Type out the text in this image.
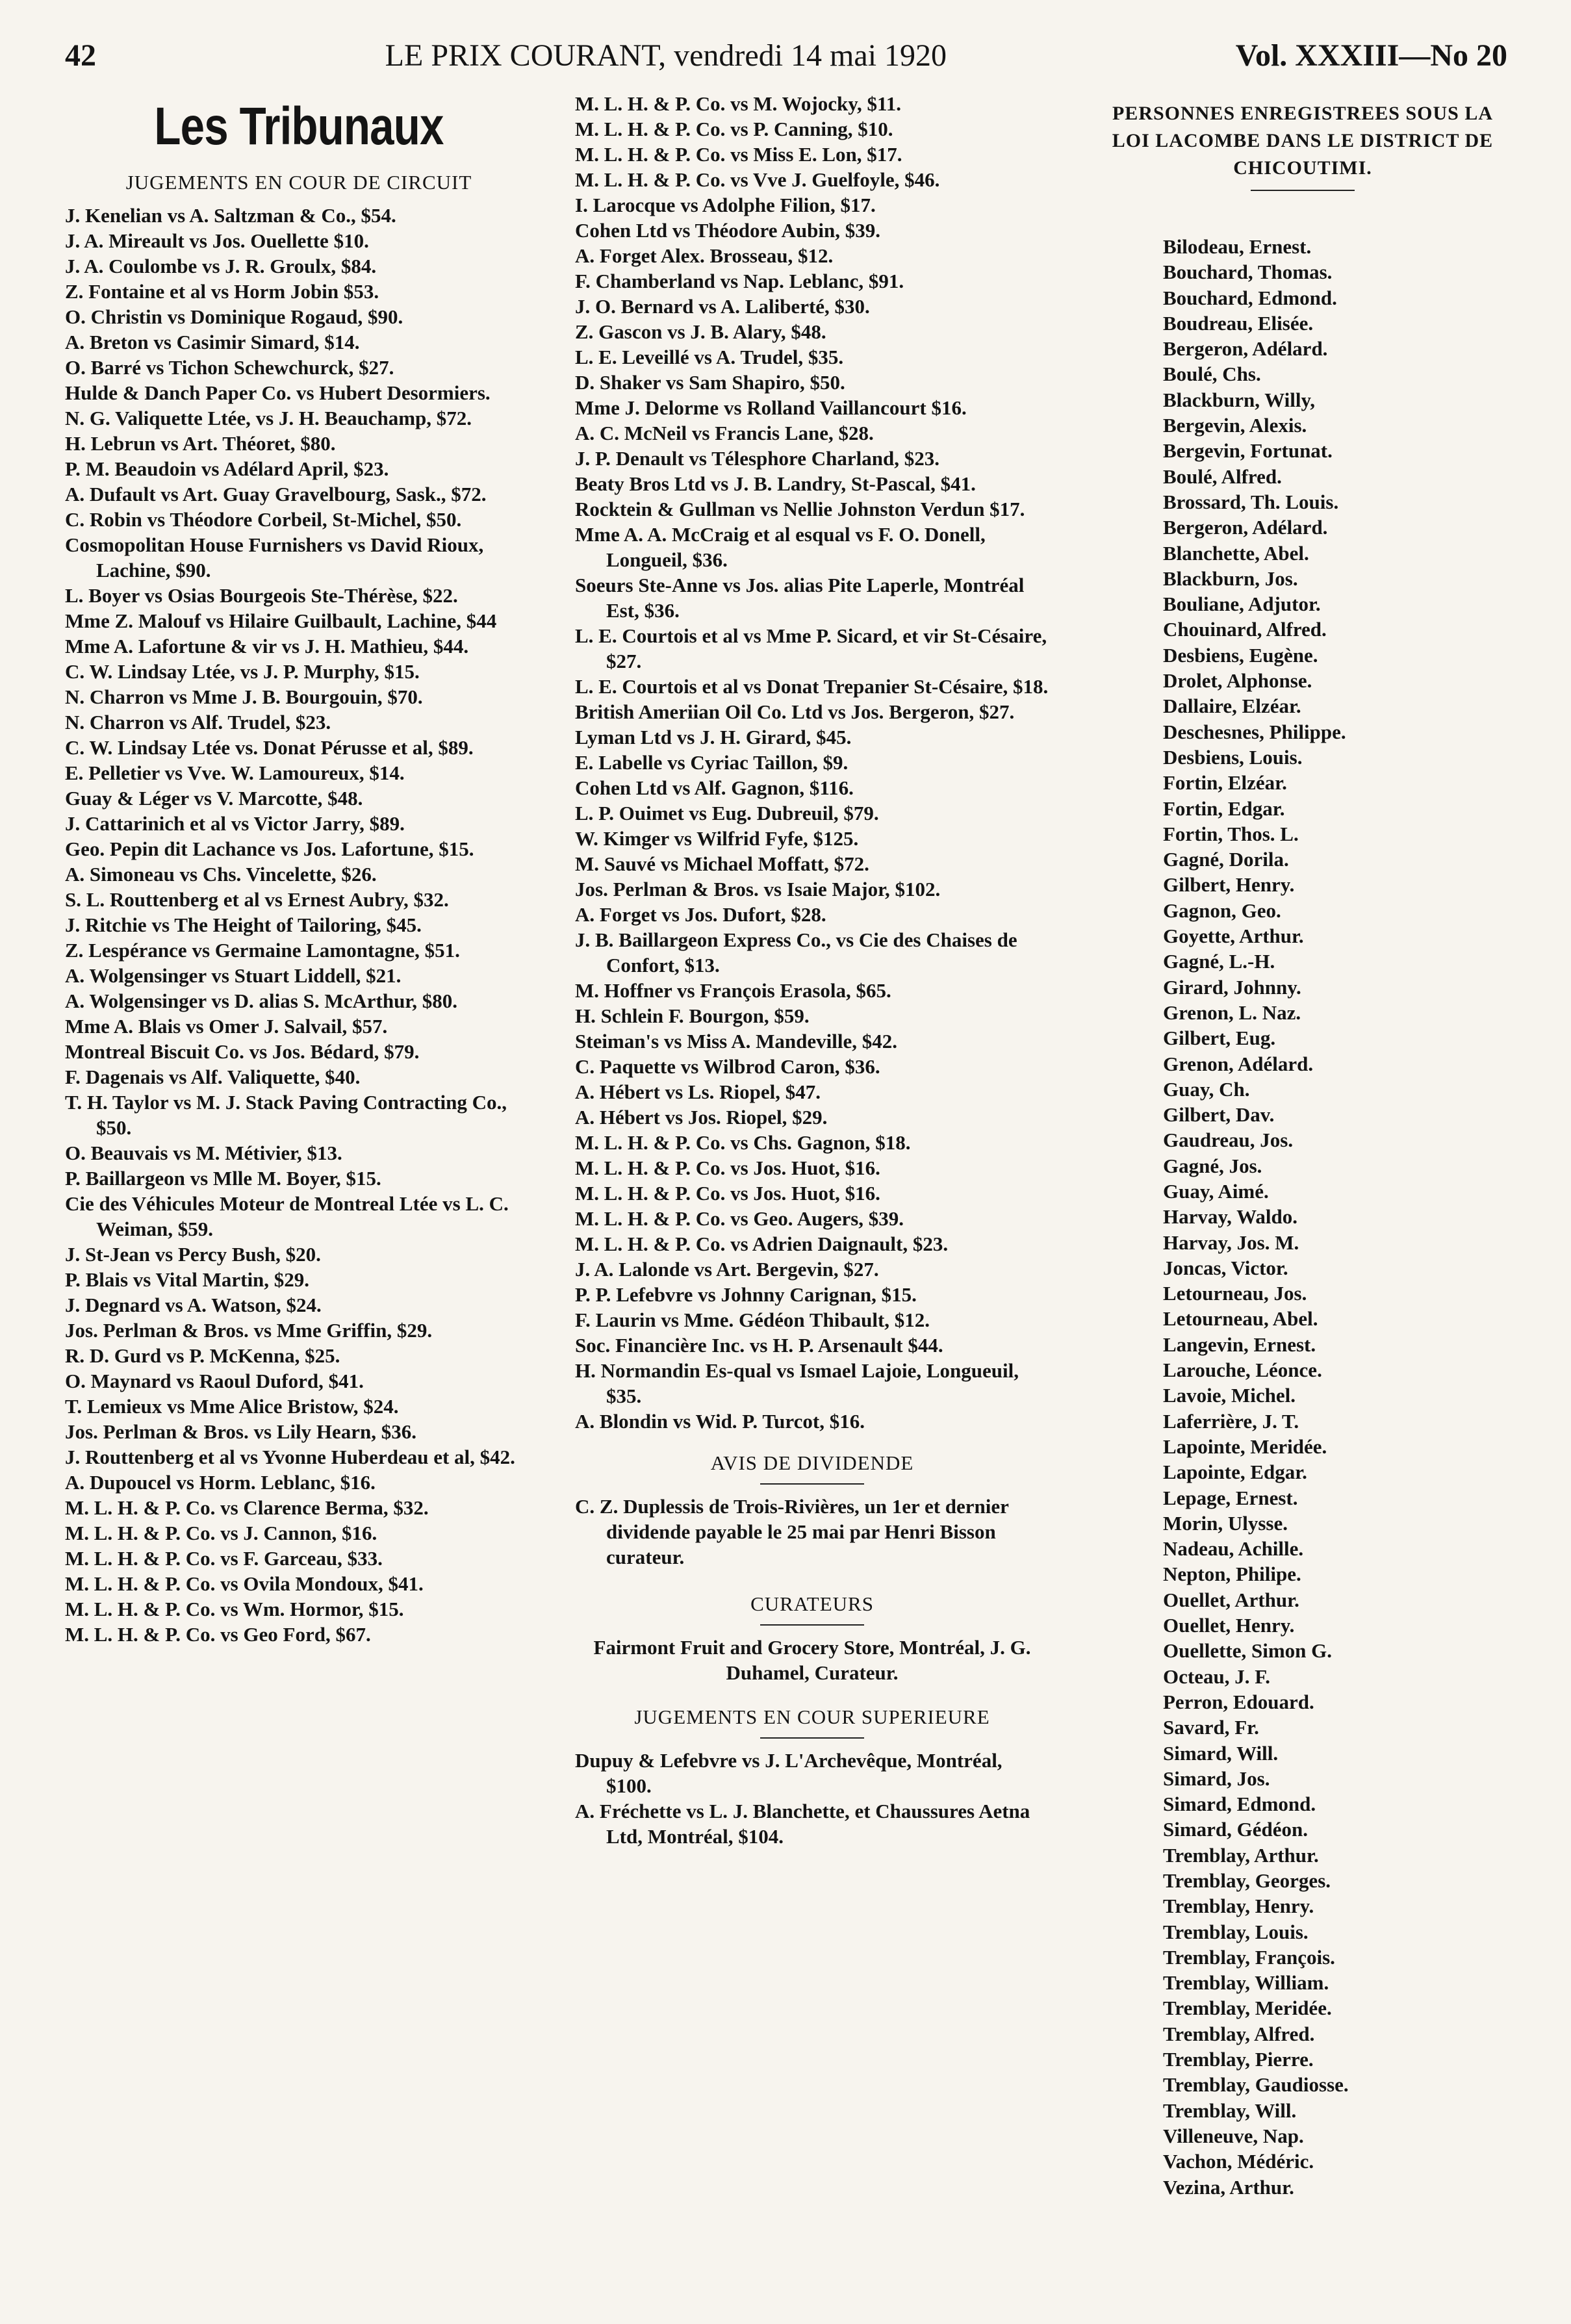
42	LE PRIX COURANT, vendredi 14 mai 1920	Vol. XXXIII—No 20
Les Tribunaux
JUGEMENTS EN COUR DE CIRCUIT

J. Kenelian vs A. Saltzman & Co., $54.

J. A. Mireault vs Jos. Ouellette $10.

J. A. Coulombe vs J. R. Groulx, $84.

Z. Fontaine et al vs Horm Jobin $53.

O. Christin vs Dominique Rogaud, $90.

A. Breton vs Casimir Simard, $14.

O. Barré vs Tichon Schewchurck, $27.

Hulde & Danch Paper Co. vs Hubert Desormiers.

N. G. Valiquette Ltée, vs J. H. Beauchamp, $72.

H. Lebrun vs Art. Théoret, $80.

P. M. Beaudoin vs Adélard April, $23.

A. Dufault vs Art. Guay Gravelbourg, Sask., $72.

C. Robin vs Théodore Corbeil, St-Michel, $50.

Cosmopolitan House Furnishers vs David Rioux, Lachine, $90.

L. Boyer vs Osias Bourgeois Ste-Thérèse, $22.

Mme Z. Malouf vs Hilaire Guilbault, Lachine, $44

Mme A. Lafortune & vir vs J. H. Mathieu, $44.

C. W. Lindsay Ltée, vs J. P. Murphy, $15.

N. Charron vs Mme J. B. Bourgouin, $70.

N. Charron vs Alf. Trudel, $23.

C. W. Lindsay Ltée vs. Donat Pérusse et al, $89.

E. Pelletier vs Vve. W. Lamoureux, $14.

Guay & Léger vs V. Marcotte, $48.

J. Cattarinich et al vs Victor Jarry, $89.

Geo. Pepin dit Lachance vs Jos. Lafortune, $15.

A. Simoneau vs Chs. Vincelette, $26.

S. L. Routtenberg et al vs Ernest Aubry, $32.

J. Ritchie vs The Height of Tailoring, $45.

Z. Lespérance vs Germaine Lamontagne, $51.

A. Wolgensinger vs Stuart Liddell, $21.

A. Wolgensinger vs D. alias S. McArthur, $80.

Mme A. Blais vs Omer J. Salvail, $57.

Montreal Biscuit Co. vs Jos. Bédard, $79.

F. Dagenais vs Alf. Valiquette, $40.

T. H. Taylor vs M. J. Stack Paving Contracting Co., $50.

O. Beauvais vs M. Métivier, $13.

P. Baillargeon vs Mlle M. Boyer, $15.

Cie des Véhicules Moteur de Montreal Ltée vs L. C. Weiman, $59.

J. St-Jean vs Percy Bush, $20.

P. Blais vs Vital Martin, $29.

J. Degnard vs A. Watson, $24.

Jos. Perlman & Bros. vs Mme Griffin, $29.

R. D. Gurd vs P. McKenna, $25.

O. Maynard vs Raoul Duford, $41.

T. Lemieux vs Mme Alice Bristow, $24.

Jos. Perlman & Bros. vs Lily Hearn, $36.

J. Routtenberg et al vs Yvonne Huberdeau et al, $42.

A. Dupoucel vs Horm. Leblanc, $16.

M. L. H. & P. Co. vs Clarence Berma, $32.

M. L. H. & P. Co. vs J. Cannon, $16.

M. L. H. & P. Co. vs F. Garceau, $33.

M. L. H. & P. Co. vs Ovila Mondoux, $41.

M. L. H. & P. Co. vs Wm. Hormor, $15.

M. L. H. & P. Co. vs Geo Ford, $67.

M. L. H. & P. Co. vs M. Wojocky, $11.

M. L. H. & P. Co. vs P. Canning, $10.

M. L. H. & P. Co. vs Miss E. Lon, $17.

M. L. H. & P. Co. vs Vve J. Guelfoyle, $46.

I. Larocque vs Adolphe Filion, $17.

Cohen Ltd vs Théodore Aubin, $39.

A. Forget Alex. Brosseau, $12.

F. Chamberland vs Nap. Leblanc, $91.

J. O. Bernard vs A. Laliberté, $30.

Z. Gascon vs J. B. Alary, $48.

L. E. Leveillé vs A. Trudel, $35.

D. Shaker vs Sam Shapiro, $50.

Mme J. Delorme vs Rolland Vaillancourt $16.

A. C. McNeil vs Francis Lane, $28.

J. P. Denault vs Télesphore Charland, $23.

Beaty Bros Ltd vs J. B. Landry, St-Pascal, $41.

Rocktein & Gullman vs Nellie Johnston Verdun $17.

Mme A. A. McCraig et al esqual vs F. O. Donell, Longueil, $36.

Soeurs Ste-Anne vs Jos. alias Pite Laperle, Montréal Est, $36.

L. E. Courtois et al vs Mme P. Sicard, et vir St-Césaire, $27.

L. E. Courtois et al vs Donat Trepanier St-Césaire, $18.

British Ameriian Oil Co. Ltd vs Jos. Bergeron, $27.

Lyman Ltd vs J. H. Girard, $45.

E. Labelle vs Cyriac Taillon, $9.

Cohen Ltd vs Alf. Gagnon, $116.

L. P. Ouimet vs Eug. Dubreuil, $79.

W. Kimger vs Wilfrid Fyfe, $125.

M. Sauvé vs Michael Moffatt, $72.

Jos. Perlman & Bros. vs Isaie Major, $102.

A. Forget vs Jos. Dufort, $28.

J. B. Baillargeon Express Co., vs Cie des Chaises de Confort, $13.

M. Hoffner vs François Erasola, $65.

H. Schlein F. Bourgon, $59.

Steiman's vs Miss A. Mandeville, $42.

C. Paquette vs Wilbrod Caron, $36.

A. Hébert vs Ls. Riopel, $47.

A. Hébert vs Jos. Riopel, $29.

M. L. H. & P. Co. vs Chs. Gagnon, $18.

M. L. H. & P. Co. vs Jos. Huot, $16.

M. L. H. & P. Co. vs Jos. Huot, $16.

M. L. H. & P. Co. vs Geo. Augers, $39.

M. L. H. & P. Co. vs Adrien Daignault, $23.

J. A. Lalonde vs Art. Bergevin, $27.

P. P. Lefebvre vs Johnny Carignan, $15.

F. Laurin vs Mme. Gédéon Thibault, $12.

Soc. Financière Inc. vs H. P. Arsenault $44.

H. Normandin Es-qual vs Ismael Lajoie, Longueuil, $35.

A. Blondin vs Wid. P. Turcot, $16.

AVIS DE DIVIDENDE

C. Z. Duplessis de Trois-Rivières, un 1er et dernier dividende payable le 25 mai par Henri Bisson curateur.

CURATEURS

Fairmont Fruit and Grocery Store, Montréal, J. G. Duhamel, Curateur.

JUGEMENTS EN COUR SUPERIEURE

Dupuy & Lefebvre vs J. L'Archevêque, Montréal, $100.

A. Fréchette vs L. J. Blanchette, et Chaussures Aetna Ltd, Montréal, $104.

PERSONNES ENREGISTREES SOUS LA LOI LACOMBE DANS LE DISTRICT DE CHICOUTIMI.
Bilodeau, Ernest.
Bouchard, Thomas.
Bouchard, Edmond.
Boudreau, Elisée.
Bergeron, Adélard.
Boulé, Chs.
Blackburn, Willy,
Bergevin, Alexis.
Bergevin, Fortunat.
Boulé, Alfred.
Brossard, Th. Louis.
Bergeron, Adélard.
Blanchette, Abel.
Blackburn, Jos.
Bouliane, Adjutor.
Chouinard, Alfred.
Desbiens, Eugène.
Drolet, Alphonse.
Dallaire, Elzéar.
Deschesnes, Philippe.
Desbiens, Louis.
Fortin, Elzéar.
Fortin, Edgar.
Fortin, Thos. L.
Gagné, Dorila.
Gilbert, Henry.
Gagnon, Geo.
Goyette, Arthur.
Gagné, L.-H.
Girard, Johnny.
Grenon, L. Naz.
Gilbert, Eug.
Grenon, Adélard.
Guay, Ch.
Gilbert, Dav.
Gaudreau, Jos.
Gagné, Jos.
Guay, Aimé.
Harvay, Waldo.
Harvay, Jos. M.
Joncas, Victor.
Letourneau, Jos.
Letourneau, Abel.
Langevin, Ernest.
Larouche, Léonce.
Lavoie, Michel.
Laferrière, J. T.
Lapointe, Meridée.
Lapointe, Edgar.
Lepage, Ernest.
Morin, Ulysse.
Nadeau, Achille.
Nepton, Philipe.
Ouellet, Arthur.
Ouellet, Henry.
Ouellette, Simon G.
Octeau, J. F.
Perron, Edouard.
Savard, Fr.
Simard, Will.
Simard, Jos.
Simard, Edmond.
Simard, Gédéon.
Tremblay, Arthur.
Tremblay, Georges.
Tremblay, Henry.
Tremblay, Louis.
Tremblay, François.
Tremblay, William.
Tremblay, Meridée.
Tremblay, Alfred.
Tremblay, Pierre.
Tremblay, Gaudiosse.
Tremblay, Will.
Villeneuve, Nap.
Vachon, Médéric.
Vezina, Arthur.
